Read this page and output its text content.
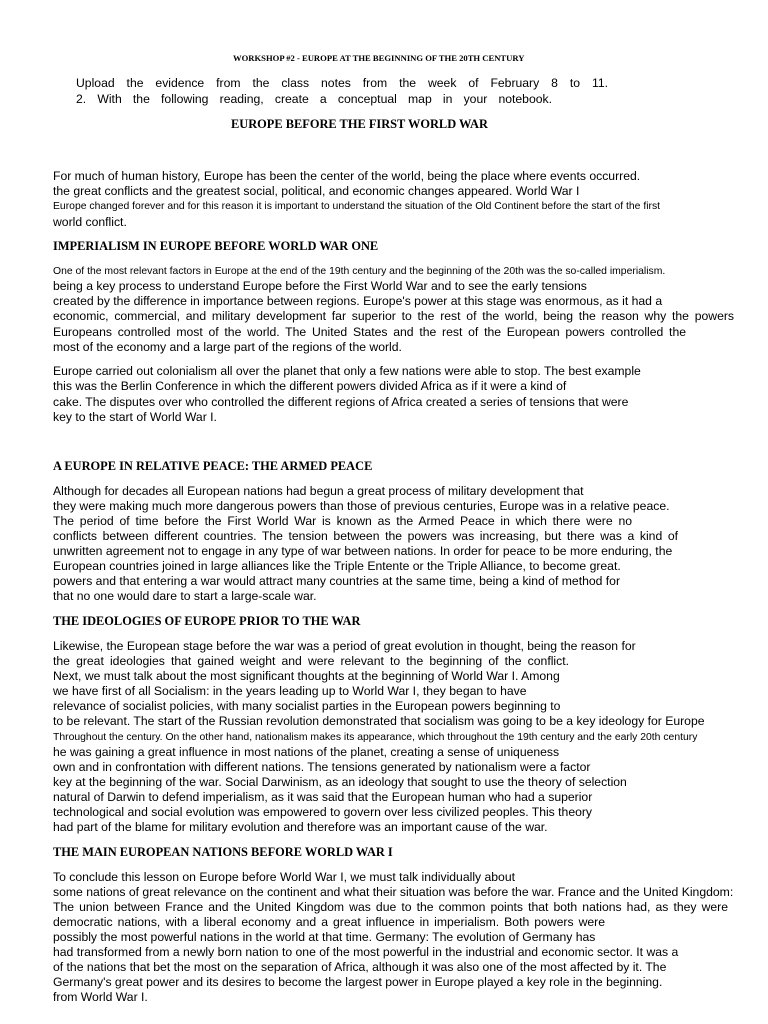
WORKSHOP #2 - EUROPE AT THE BEGINNING OF THE 20TH CENTURY
Upload the evidence from the class notes from the week of February 8 to 11.
2. With the following reading, create a conceptual map in your notebook.
EUROPE BEFORE THE FIRST WORLD WAR
For much of human history, Europe has been the center of the world, being the place where events occurred.
the great conflicts and the greatest social, political, and economic changes appeared. World War I
Europe changed forever and for this reason it is important to understand the situation of the Old Continent before the start of the first
world conflict.
IMPERIALISM IN EUROPE BEFORE WORLD WAR ONE
One of the most relevant factors in Europe at the end of the 19th century and the beginning of the 20th was the so-called imperialism.
being a key process to understand Europe before the First World War and to see the early tensions
created by the difference in importance between regions. Europe's power at this stage was enormous, as it had a
economic, commercial, and military development far superior to the rest of the world, being the reason why the powers
Europeans controlled most of the world. The United States and the rest of the European powers controlled the
most of the economy and a large part of the regions of the world.
Europe carried out colonialism all over the planet that only a few nations were able to stop. The best example
this was the Berlin Conference in which the different powers divided Africa as if it were a kind of
cake. The disputes over who controlled the different regions of Africa created a series of tensions that were
key to the start of World War I.
A EUROPE IN RELATIVE PEACE: THE ARMED PEACE
Although for decades all European nations had begun a great process of military development that
they were making much more dangerous powers than those of previous centuries, Europe was in a relative peace.
The period of time before the First World War is known as the Armed Peace in which there were no
conflicts between different countries. The tension between the powers was increasing, but there was a kind of
unwritten agreement not to engage in any type of war between nations. In order for peace to be more enduring, the
European countries joined in large alliances like the Triple Entente or the Triple Alliance, to become great.
powers and that entering a war would attract many countries at the same time, being a kind of method for
that no one would dare to start a large-scale war.
THE IDEOLOGIES OF EUROPE PRIOR TO THE WAR
Likewise, the European stage before the war was a period of great evolution in thought, being the reason for
the great ideologies that gained weight and were relevant to the beginning of the conflict.
Next, we must talk about the most significant thoughts at the beginning of World War I. Among
we have first of all Socialism: in the years leading up to World War I, they began to have
relevance of socialist policies, with many socialist parties in the European powers beginning to
to be relevant. The start of the Russian revolution demonstrated that socialism was going to be a key ideology for Europe
Throughout the century. On the other hand, nationalism makes its appearance, which throughout the 19th century and the early 20th century
he was gaining a great influence in most nations of the planet, creating a sense of uniqueness
own and in confrontation with different nations. The tensions generated by nationalism were a factor
key at the beginning of the war. Social Darwinism, as an ideology that sought to use the theory of selection
natural of Darwin to defend imperialism, as it was said that the European human who had a superior
technological and social evolution was empowered to govern over less civilized peoples. This theory
had part of the blame for military evolution and therefore was an important cause of the war.
THE MAIN EUROPEAN NATIONS BEFORE WORLD WAR I
To conclude this lesson on Europe before World War I, we must talk individually about
some nations of great relevance on the continent and what their situation was before the war. France and the United Kingdom:
The union between France and the United Kingdom was due to the common points that both nations had, as they were
democratic nations, with a liberal economy and a great influence in imperialism. Both powers were
possibly the most powerful nations in the world at that time. Germany: The evolution of Germany has
had transformed from a newly born nation to one of the most powerful in the industrial and economic sector. It was a
of the nations that bet the most on the separation of Africa, although it was also one of the most affected by it. The
Germany's great power and its desires to become the largest power in Europe played a key role in the beginning.
from World War I.
